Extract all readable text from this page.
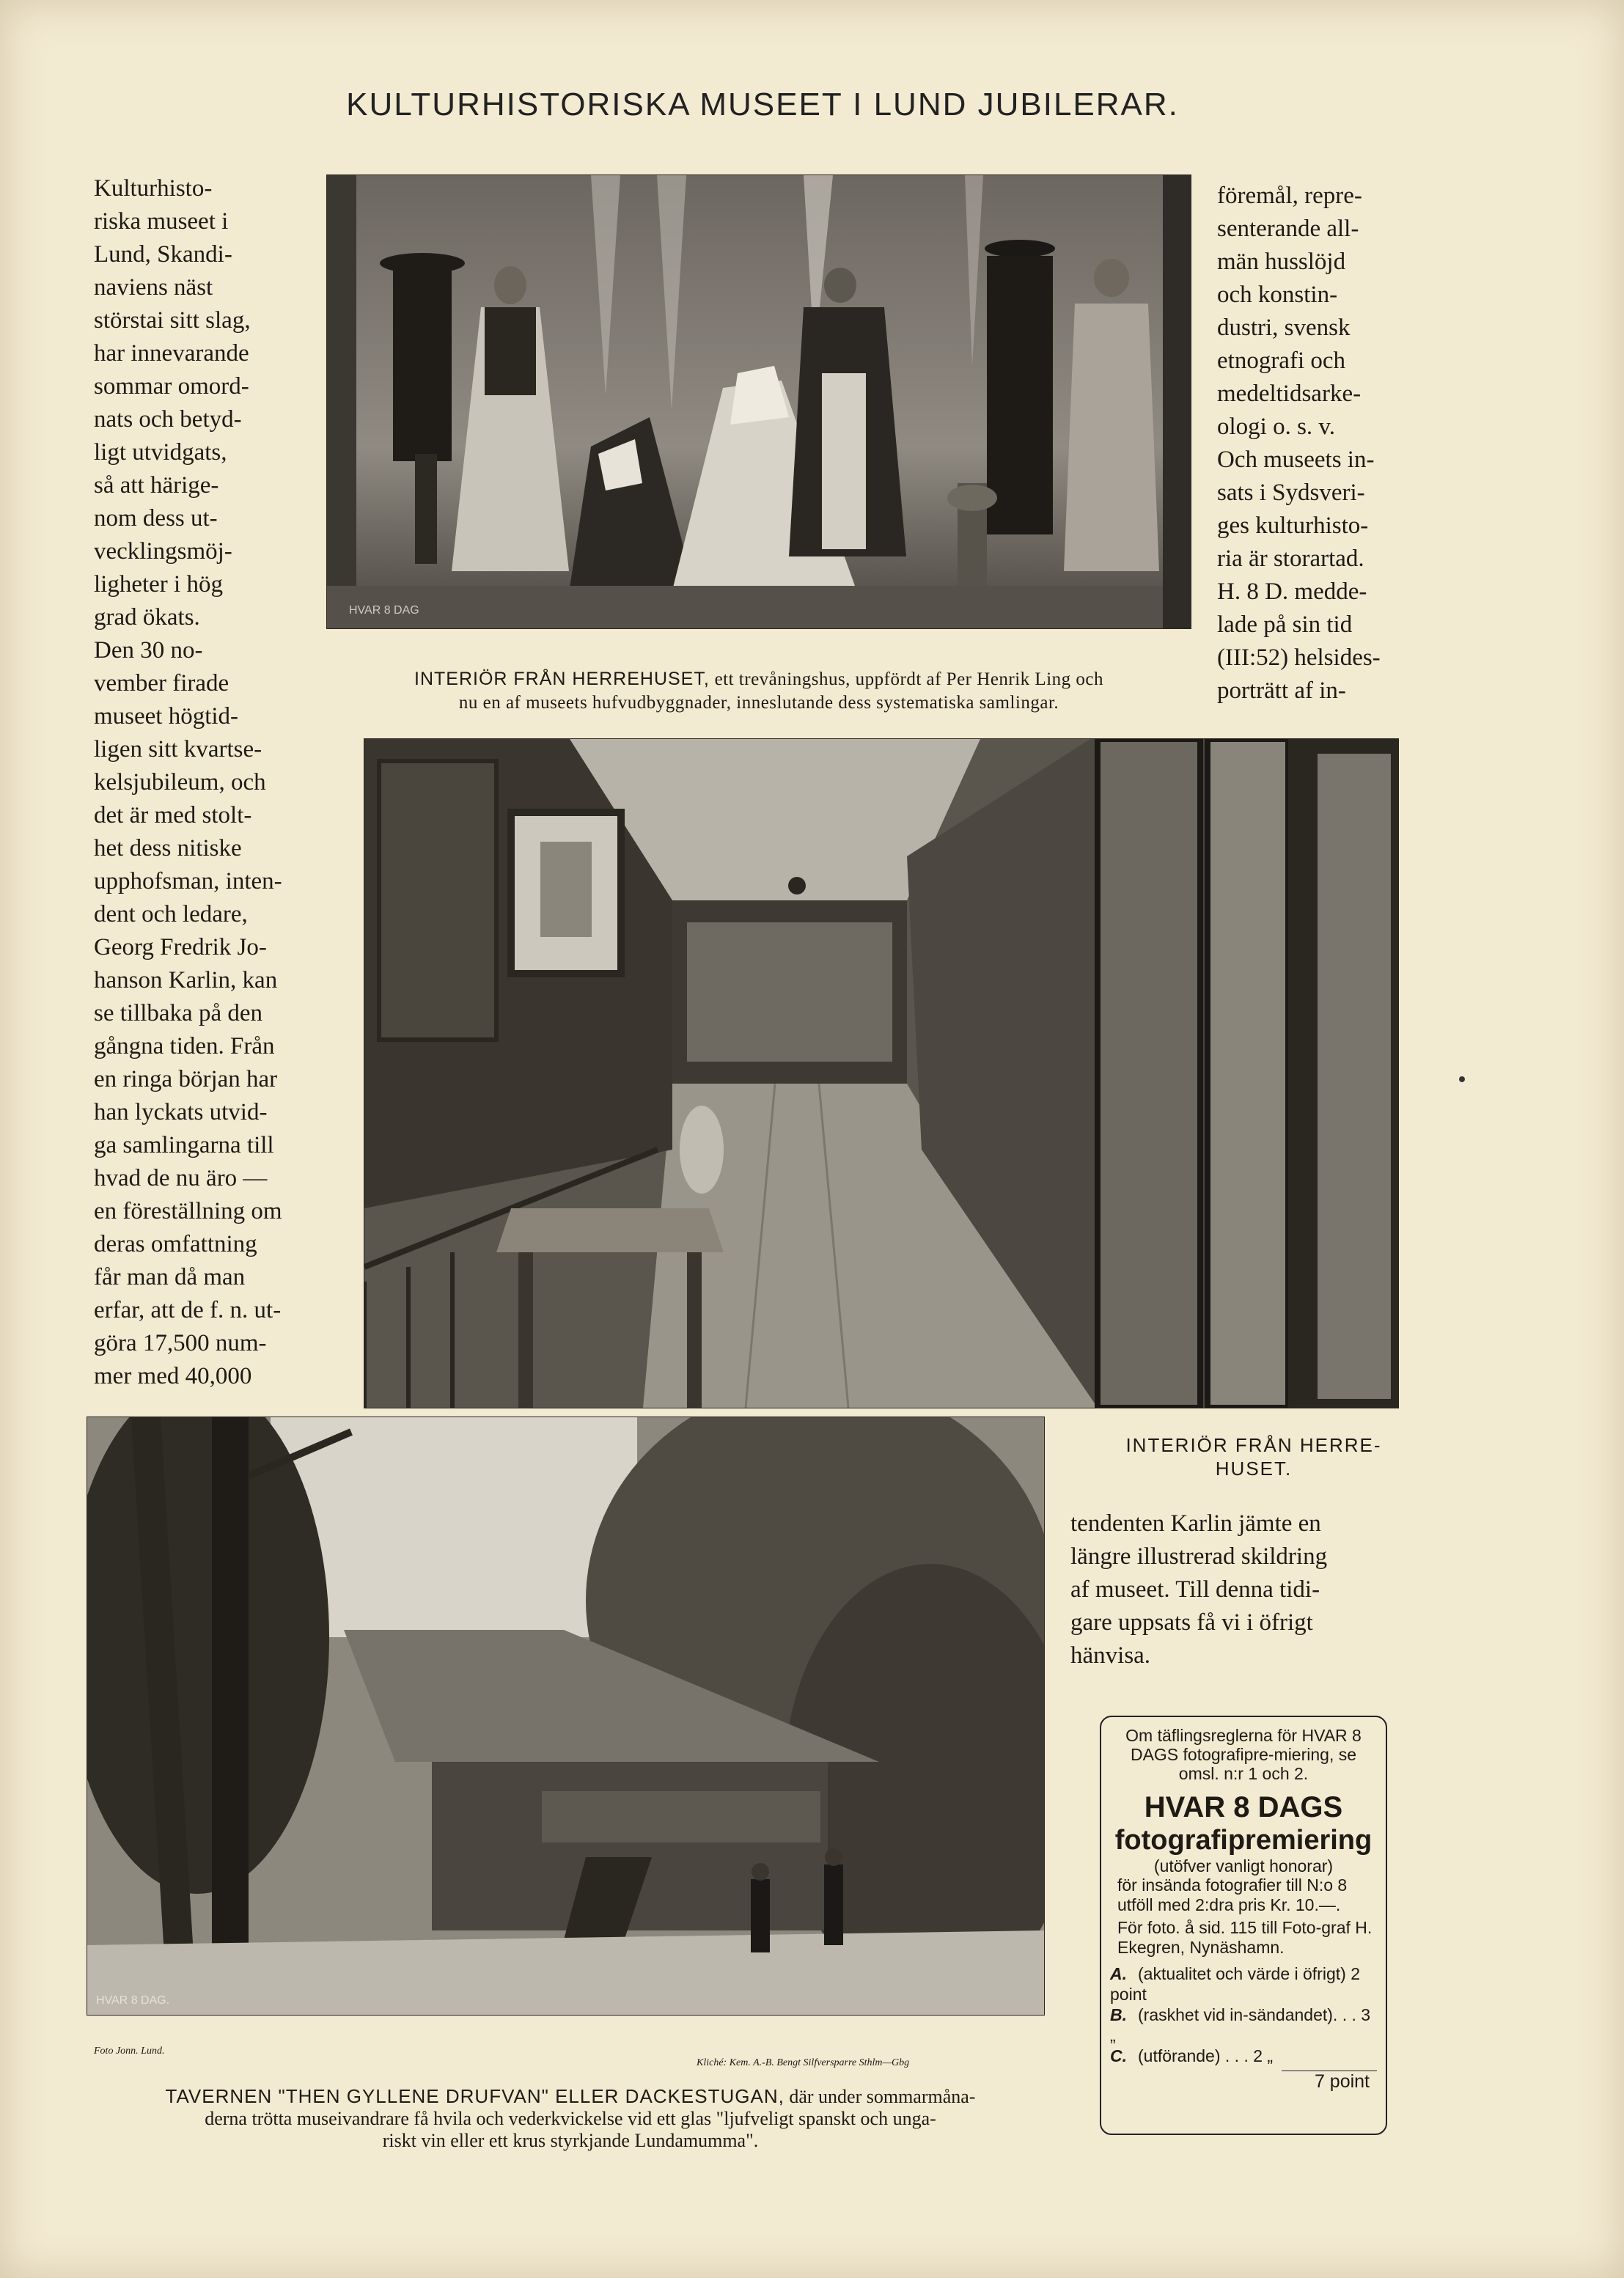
KULTURHISTORISKA MUSEET I LUND JUBILERAR.
Kulturhisto-
riska museet i
Lund, Skandi-
naviens näst
störstai sitt slag,
har innevarande
sommar omord-
nats och betyd-
ligt utvidgats,
så att härige-
nom dess ut-
vecklingsmöj-
ligheter i hög
grad ökats.
Den 30 no-
vember firade
museet högtid-
ligen sitt kvartse-
kelsjubileum, och
det är med stolt-
het dess nitiske
upphofsman, inten-
dent och ledare,
Georg Fredrik Jo-
hanson Karlin, kan
se tillbaka på den
gångna tiden. Från
en ringa början har
han lyckats utvid-
ga samlingarna till
hvad de nu äro —
en föreställning om
deras omfattning
får man då man
erfar, att de f. n. ut-
göra 17,500 num-
mer med 40,000
HVAR 8 DAG

INTERIÖR FRÅN HERREHUSET, ett trevåningshus, uppfördt af Per Henrik Ling och
nu en af museets hufvudbyggnader, inneslutande dess systematiska samlingar.

föremål, repre-
senterande all-
män husslöjd
och konstin-
dustri, svensk
etnografi och
medeltidsarke-
ologi o. s. v.
Och museets in-
sats i Sydsveri-
ges kulturhisto-
ria är storartad.
H. 8 D. medde-
lade på sin tid
(III:52) helsides-
porträtt af in-
INTERIÖR FRÅN HERRE-
HUSET.
tendenten Karlin jämte en
längre illustrerad skildring
af museet. Till denna tidi-
gare uppsats få vi i öfrigt
hänvisa.
HVAR 8 DAG.
Foto Jonn. Lund.
Kliché: Kem. A.-B. Bengt Silfversparre Sthlm—Gbg

TAVERNEN "THEN GYLLENE DRUFVAN" ELLER DACKESTUGAN, där under sommarmåna-
derna trötta museivandrare få hvila och vederkvickelse vid ett glas "ljufveligt spanskt och unga-
riskt vin eller ett krus styrkjande Lundamumma".

Om täflingsreglerna för HVAR 8 DAGS fotografipre-miering, se omsl. n:r 1 och 2.

HVAR 8 DAGS
fotografipremiering
(utöfver vanligt honorar)
för insända fotografier till N:o 8 utföll med 2:dra pris Kr. 10.—.
För foto. å sid. 115 till Foto-graf H. Ekegren, Nynäshamn.
A. (aktualitet och värde i öfrigt) 2 point
B. (raskhet vid in-sändandet). . . 3 „
C. (utförande) . . . 2 „
7 point
